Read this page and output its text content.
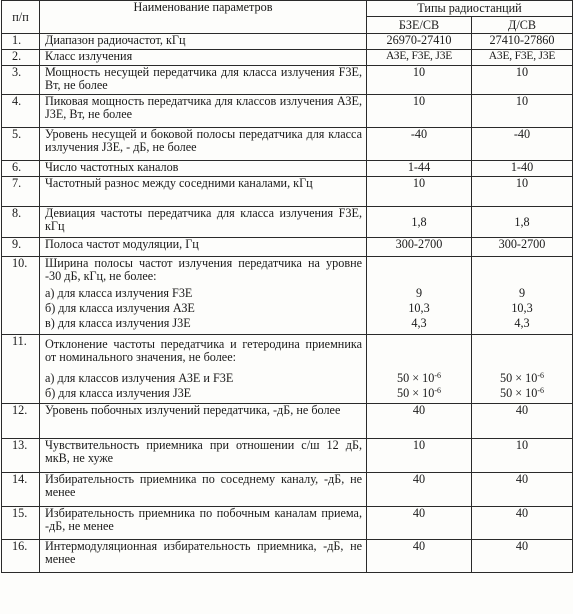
п/п	Наименование параметров	Типы радиостанций	
		БЗЕ/СВ	Д/СВ
1.	Диапазон радиочастот, кГц	26970-27410	27410-27860
2.	Класс излучения	АЗЕ, F3E, J3E	A3E, F3E, J3E
3.	Мощность несущей передатчика для класса излучения F3E, Вт, не более	10	10
4.	Пиковая мощность передатчика для классов излучения АЗЕ, J3E, Вт, не более	10	10
5.	Уровень несущей и боковой полосы передатчика для класса излучения J3E, - дБ, не более	-40	-40
6.	Число частотных каналов	1-44	1-40
7.	Частотный разнос между соседними каналами, кГц	10	10
8.	Девиация частоты передатчика для класса излучения F3E, кГц	1,8	1,8
9.	Полоса частот модуляции, Гц	300-2700	300-2700
10.	Ширина полосы частот излучения передатчика на уровне -30 дБ, кГц, не более:		
	а) для класса излучения F3E	9	9
	б) для класса излучения АЗЕ	10,3	10,3
	в) для класса излучения J3E	4,3	4,3
11.	Отклонение частоты передатчика и гетеродина приемника от номинального значения, не более:		
	а) для классов излучения АЗЕ и F3E	$50 \times 10^{-6}$	$50 \times 10^{-6}$
	б) для класса излучения J3E	$50 \times 10^{-6}$	$50 \times 10^{-6}$
12.	Уровень побочных излучений передатчика, -дБ, не более	40	40
13.	Чувствительность приемника при отношении с/ш 12 дБ, мкВ, не хуже	10	10
14.	Избирательность приемника по соседнему каналу, -дБ, не менее	40	40
15.	Избирательность приемника по побочным каналам приема, -дБ, не менее	40	40
16.	Интермодуляционная избирательность приемника, -дБ, не менее	40	40
